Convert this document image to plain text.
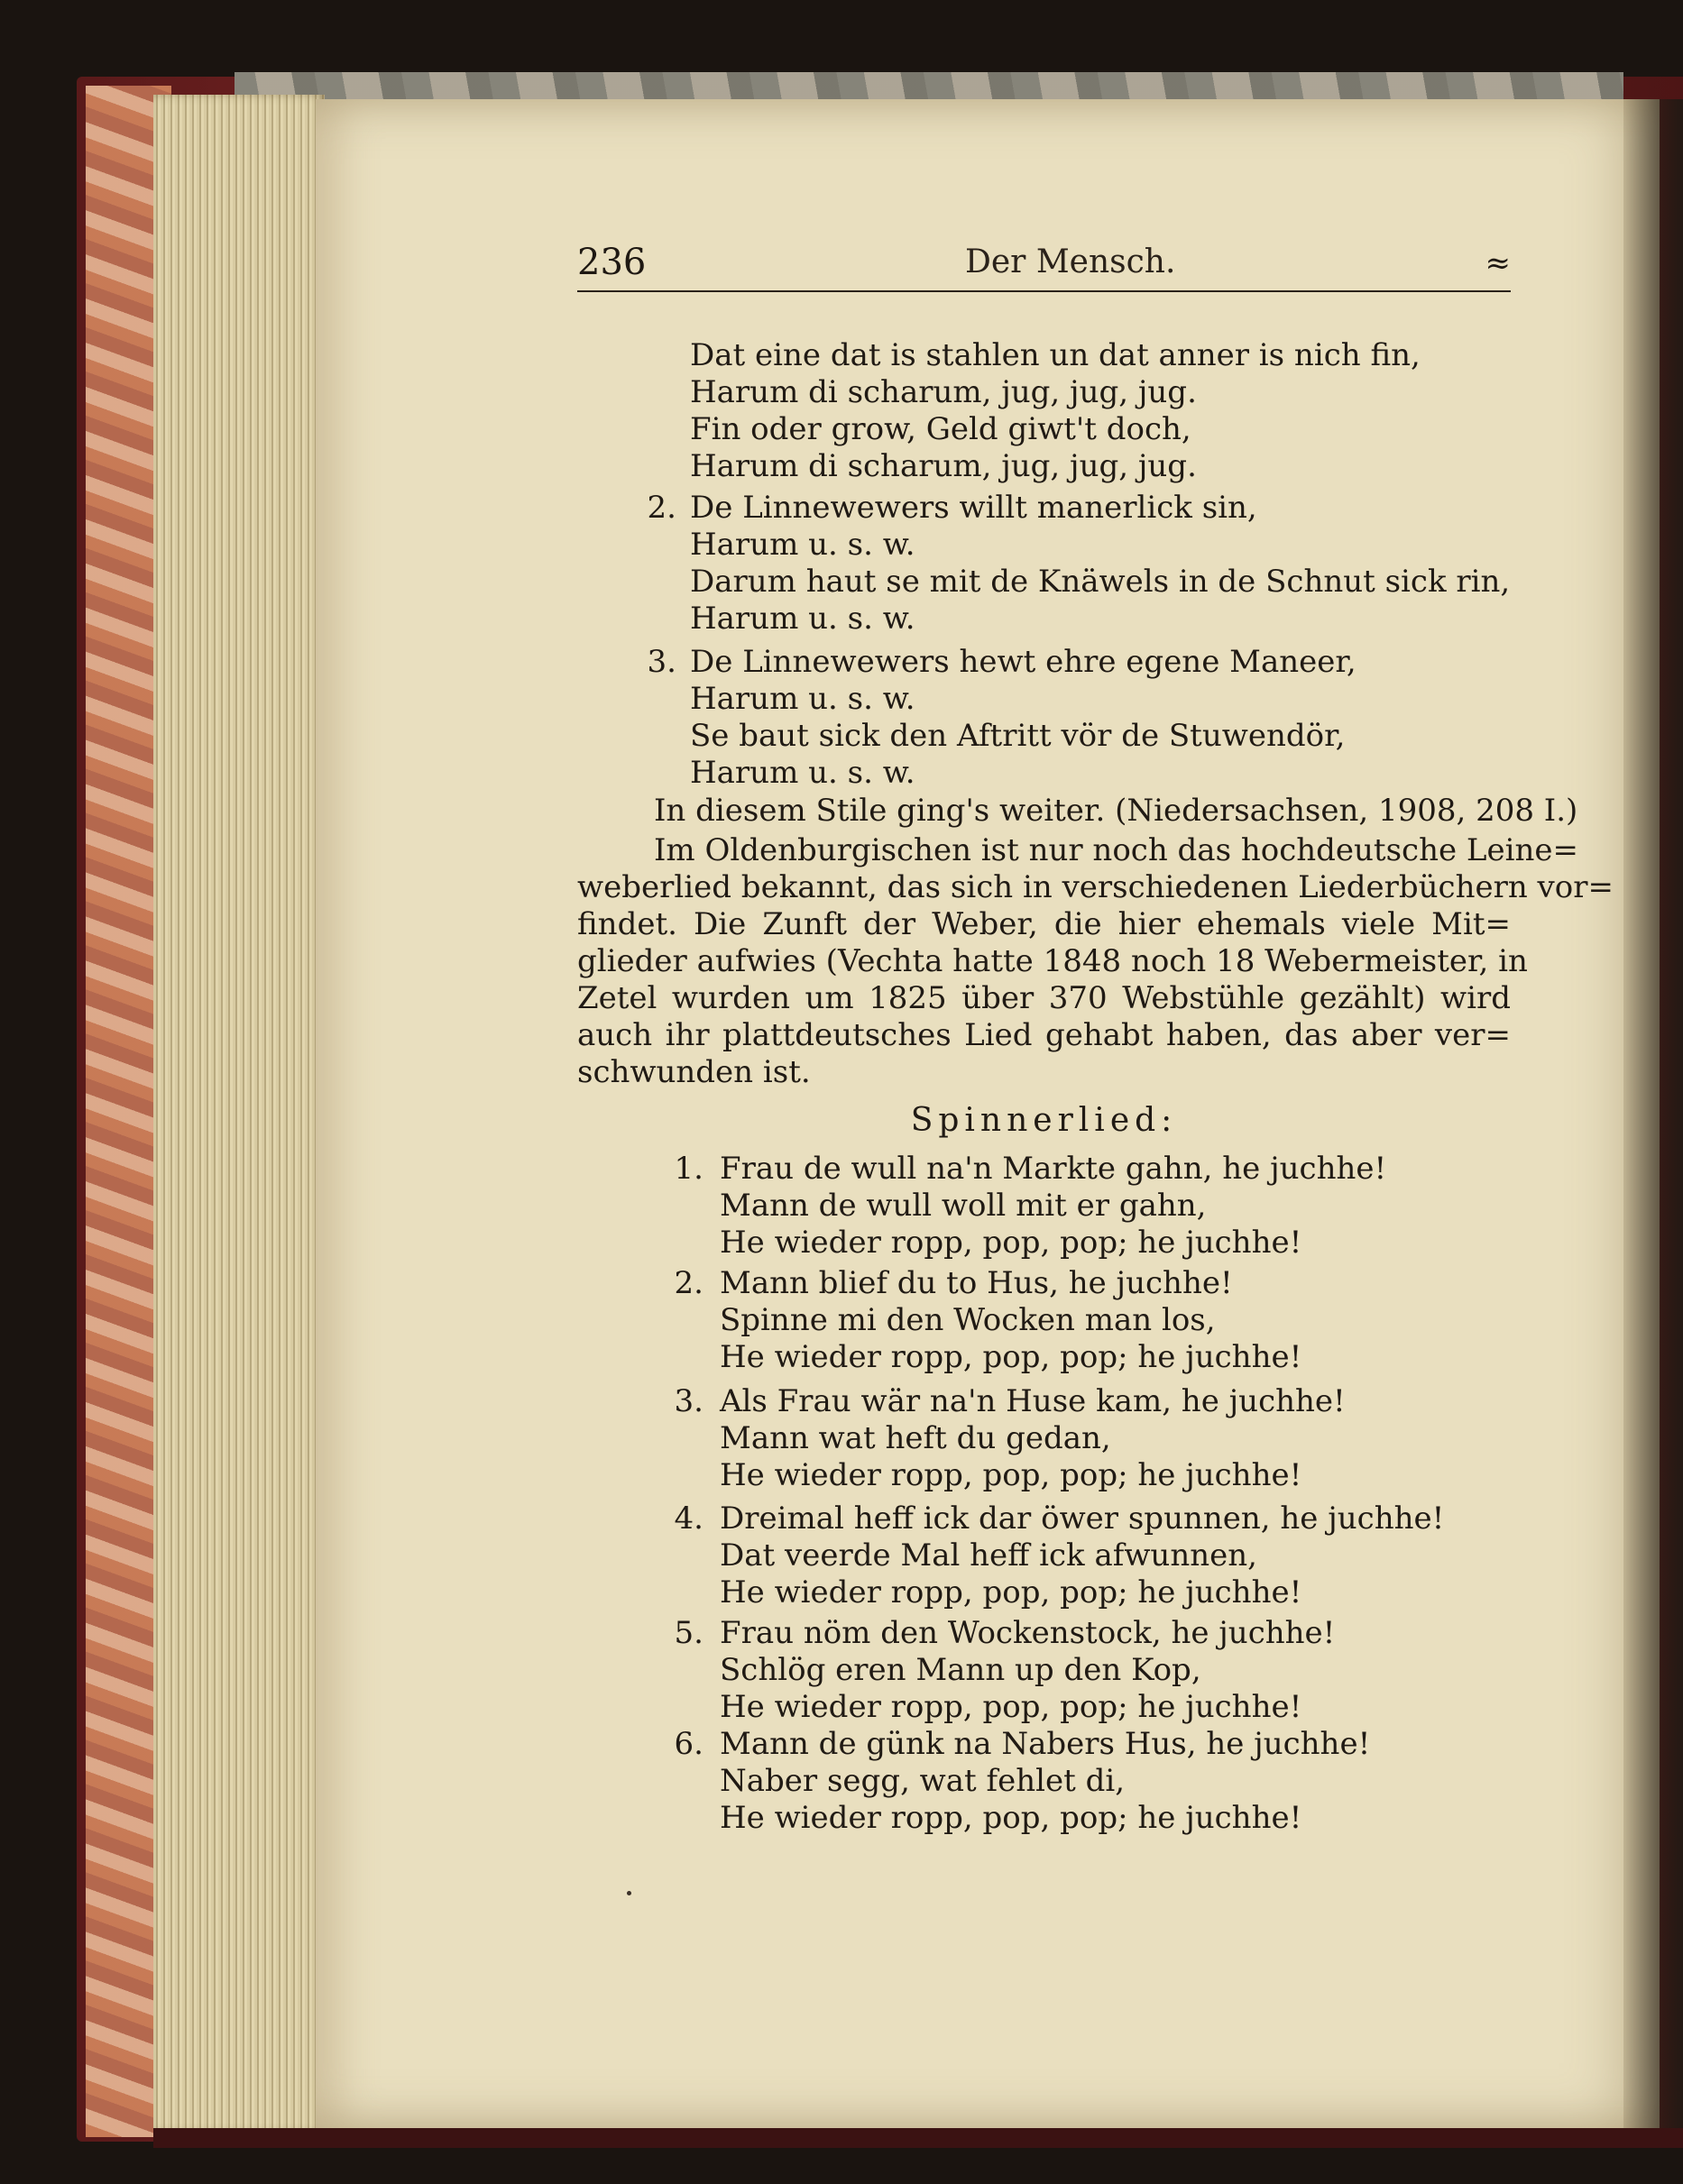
236	Der Mensch.	≈
Dat eine dat is stahlen un dat anner is nich fin,
Harum di scharum, jug, jug, jug.
Fin oder grow, Geld giwt't doch,
Harum di scharum, jug, jug, jug.
2. De Linnewewers willt manerlick sin,
Harum u. s. w.
Darum haut se mit de Knäwels in de Schnut sick rin,
Harum u. s. w.
3. De Linnewewers hewt ehre egene Maneer,
Harum u. s. w.
Se baut sick den Aftritt vör de Stuwendör,
Harum u. s. w.
In diesem Stile ging's weiter. (Niedersachsen, 1908, 208 I.)
Im Oldenburgischen ist nur noch das hochdeutsche Leine=
weberlied bekannt, das sich in verschiedenen Liederbüchern vor=
findet. Die Zunft der Weber, die hier ehemals viele Mit=
glieder aufwies (Vechta hatte 1848 noch 18 Webermeister, in
Zetel wurden um 1825 über 370 Webstühle gezählt) wird
auch ihr plattdeutsches Lied gehabt haben, das aber ver=
schwunden ist.
Spinnerlied:
1. Frau de wull na'n Markte gahn, he juchhe!
Mann de wull woll mit er gahn,
He wieder ropp, pop, pop; he juchhe!
2. Mann blief du to Hus, he juchhe!
Spinne mi den Wocken man los,
He wieder ropp, pop, pop; he juchhe!
3. Als Frau wär na'n Huse kam, he juchhe!
Mann wat heft du gedan,
He wieder ropp, pop, pop; he juchhe!
4. Dreimal heff ick dar öwer spunnen, he juchhe!
Dat veerde Mal heff ick afwunnen,
He wieder ropp, pop, pop; he juchhe!
5. Frau nöm den Wockenstock, he juchhe!
Schlög eren Mann up den Kop,
He wieder ropp, pop, pop; he juchhe!
6. Mann de günk na Nabers Hus, he juchhe!
Naber segg, wat fehlet di,
He wieder ropp, pop, pop; he juchhe!
